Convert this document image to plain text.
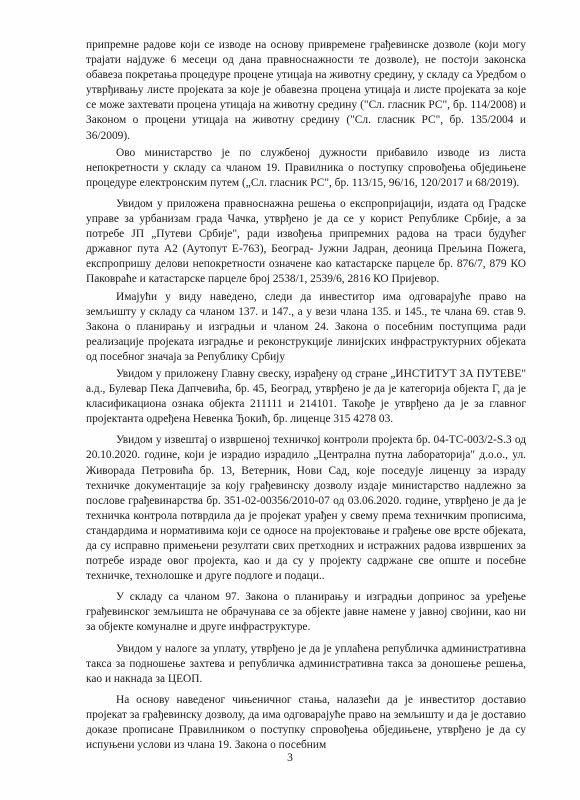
припремне радове који се изводе на основу привремене грађевинске дозволе (који могу трајати најдуже 6 месеци од дана правноснажности те дозволе), не постоји законска обавеза покретања процедуре процене утицаја на животну средину, у складу са Уредбом о утврђивању листе пројеката за које је обавезна процена утицаја и листе пројеката за које се може захтевати процена утицаја на животну средину ("Сл. гласник РС", бр. 114/2008) и Законом о процени утицаја на животну средину ("Сл. гласник РС", бр. 135/2004 и 36/2009).

Ово министарство је по службеној дужности прибавило изводе из листа непокретности у складу са чланом 19. Правилника о поступку спровођења обједињене процедуре електронским путем („Сл. гласник РС", бр. 113/15, 96/16, 120/2017 и 68/2019).

Увидом у приложена правноснажна решења о експропријацији, издата од Градске управе за урбанизам града Чачка, утврђено је да се у корист Републике Србије, а за потребе ЈП „Путеви Србије", ради извођења припремних радова на траси будућег државног пута А2 (Аутопут Е-763), Београд- Јужни Јадран, деоница Прељина Пожега, експропришу делови непокретности означене као катастарске парцеле бр. 876/7, 879 КО Паковраће и катастарске парцеле број 2538/1, 2539/6, 2816 КО Пријевор.

Имајући у виду наведено, следи да инвеститор има одговарајуће право на земљишту у складу са чланом 137. и 147., а у вези члана 135. и 145., те члана 69. став 9. Закона о планирању и изградњи и чланом 24. Закона о посебним поступцима ради реализације пројеката изградње и реконструкције линијских инфраструктурних објеката од посебног значаја за Републику Србију

Увидом у приложену Главну свеску, израђену од стране „ИНСТИТУТ ЗА ПУТЕВЕ" а.д., Булевар Пека Дапчевића, бр. 45, Београд, утврђено је да је категорија објекта Г, да је класификациона ознака објекта 211111 и 214101. Такође је утврђено да је за главног пројектанта одређена Невенка Ђокић, бр. лиценце 315 4278 03.

Увидом у извештај о извршеној техничкој контроли пројекта бр. 04-ТС-003/2-S.3 од 20.10.2020. године, који је израдио израдило „Централна путна лабораторија" д.о.о., ул. Живорада Петровића бр. 13, Ветерник, Нови Сад, које поседује лиценцу за израду техничке документације за коју грађевинску дозволу издаје министарство надлежно за послове грађевинарства бр. 351-02-00356/2010-07 од 03.06.2020. године, утврђено је да је техничка контрола потврдила да је пројекат урађен у свему према техничким прописима, стандардима и нормативима који се односе на пројектовање и грађење ове врсте објеката, да су исправно примењени резултати свих претходних и истражних радова извршених за потребе израде овог пројекта, као и да су у пројекту садржане све опште и посебне техничке, технолошке и друге подлоге и подаци..

У складу са чланом 97. Закона о планирању и изградњи допринос за уређење грађевинског земљишта не обрачунава се за објекте јавне намене у јавној својини, као ни за објекте комуналне и друге инфраструктуре.

Увидом у налоге за уплату, утврђено је да је уплаћена републичка административна такса за подношење захтева и републичка административна такса за доношење решења, као и накнада за ЦЕОП.

На основу наведеног чињеничног стања, налазећи да је инвеститор доставио пројекат за грађевинску дозволу, да има одговарајуће право на земљишту и да је доставио доказе прописане Правилником о поступку спровођења обједињене, утврђено је да су испуњени услови из члана 19. Закона о посебним

3
